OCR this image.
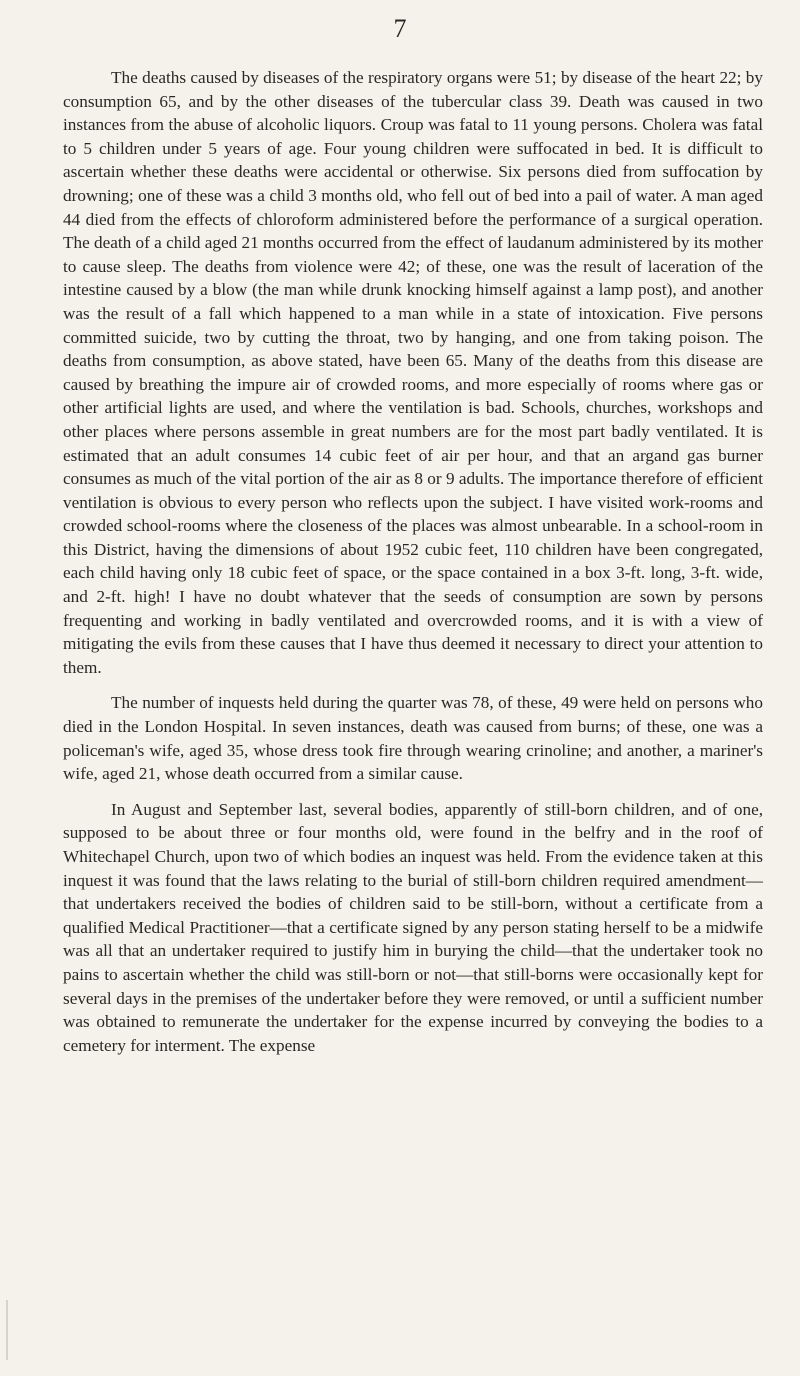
7

The deaths caused by diseases of the respiratory organs were 51; by disease of the heart 22; by consumption 65, and by the other diseases of the tubercular class 39. Death was caused in two instances from the abuse of alcoholic liquors. Croup was fatal to 11 young persons. Cholera was fatal to 5 children under 5 years of age. Four young children were suffocated in bed. It is difficult to ascertain whether these deaths were accidental or otherwise. Six persons died from suffocation by drowning; one of these was a child 3 months old, who fell out of bed into a pail of water. A man aged 44 died from the effects of chloroform administered before the performance of a surgical operation. The death of a child aged 21 months occurred from the effect of laudanum administered by its mother to cause sleep. The deaths from violence were 42; of these, one was the result of laceration of the intestine caused by a blow (the man while drunk knocking himself against a lamp post), and another was the result of a fall which happened to a man while in a state of intoxication. Five persons committed suicide, two by cutting the throat, two by hanging, and one from taking poison. The deaths from consumption, as above stated, have been 65. Many of the deaths from this disease are caused by breathing the impure air of crowded rooms, and more especially of rooms where gas or other artificial lights are used, and where the ventilation is bad. Schools, churches, workshops and other places where persons assemble in great numbers are for the most part badly ventilated. It is estimated that an adult consumes 14 cubic feet of air per hour, and that an argand gas burner consumes as much of the vital portion of the air as 8 or 9 adults. The importance therefore of efficient ventilation is obvious to every person who reflects upon the subject. I have visited work-rooms and crowded school-rooms where the closeness of the places was almost unbearable. In a school-room in this District, having the dimensions of about 1952 cubic feet, 110 children have been congregated, each child having only 18 cubic feet of space, or the space contained in a box 3-ft. long, 3-ft. wide, and 2-ft. high! I have no doubt whatever that the seeds of consumption are sown by persons frequenting and working in badly ventilated and overcrowded rooms, and it is with a view of mitigating the evils from these causes that I have thus deemed it necessary to direct your attention to them.

The number of inquests held during the quarter was 78, of these, 49 were held on persons who died in the London Hospital. In seven instances, death was caused from burns; of these, one was a policeman's wife, aged 35, whose dress took fire through wearing crinoline; and another, a mariner's wife, aged 21, whose death occurred from a similar cause.

In August and September last, several bodies, apparently of still-born children, and of one, supposed to be about three or four months old, were found in the belfry and in the roof of Whitechapel Church, upon two of which bodies an inquest was held. From the evidence taken at this inquest it was found that the laws relating to the burial of still-born children required amendment—that undertakers received the bodies of children said to be still-born, without a certificate from a qualified Medical Practitioner—that a certificate signed by any person stating herself to be a midwife was all that an undertaker required to justify him in burying the child—that the undertaker took no pains to ascertain whether the child was still-born or not—that still-borns were occasionally kept for several days in the premises of the undertaker before they were removed, or until a sufficient number was obtained to remunerate the undertaker for the expense incurred by conveying the bodies to a cemetery for interment. The expense
